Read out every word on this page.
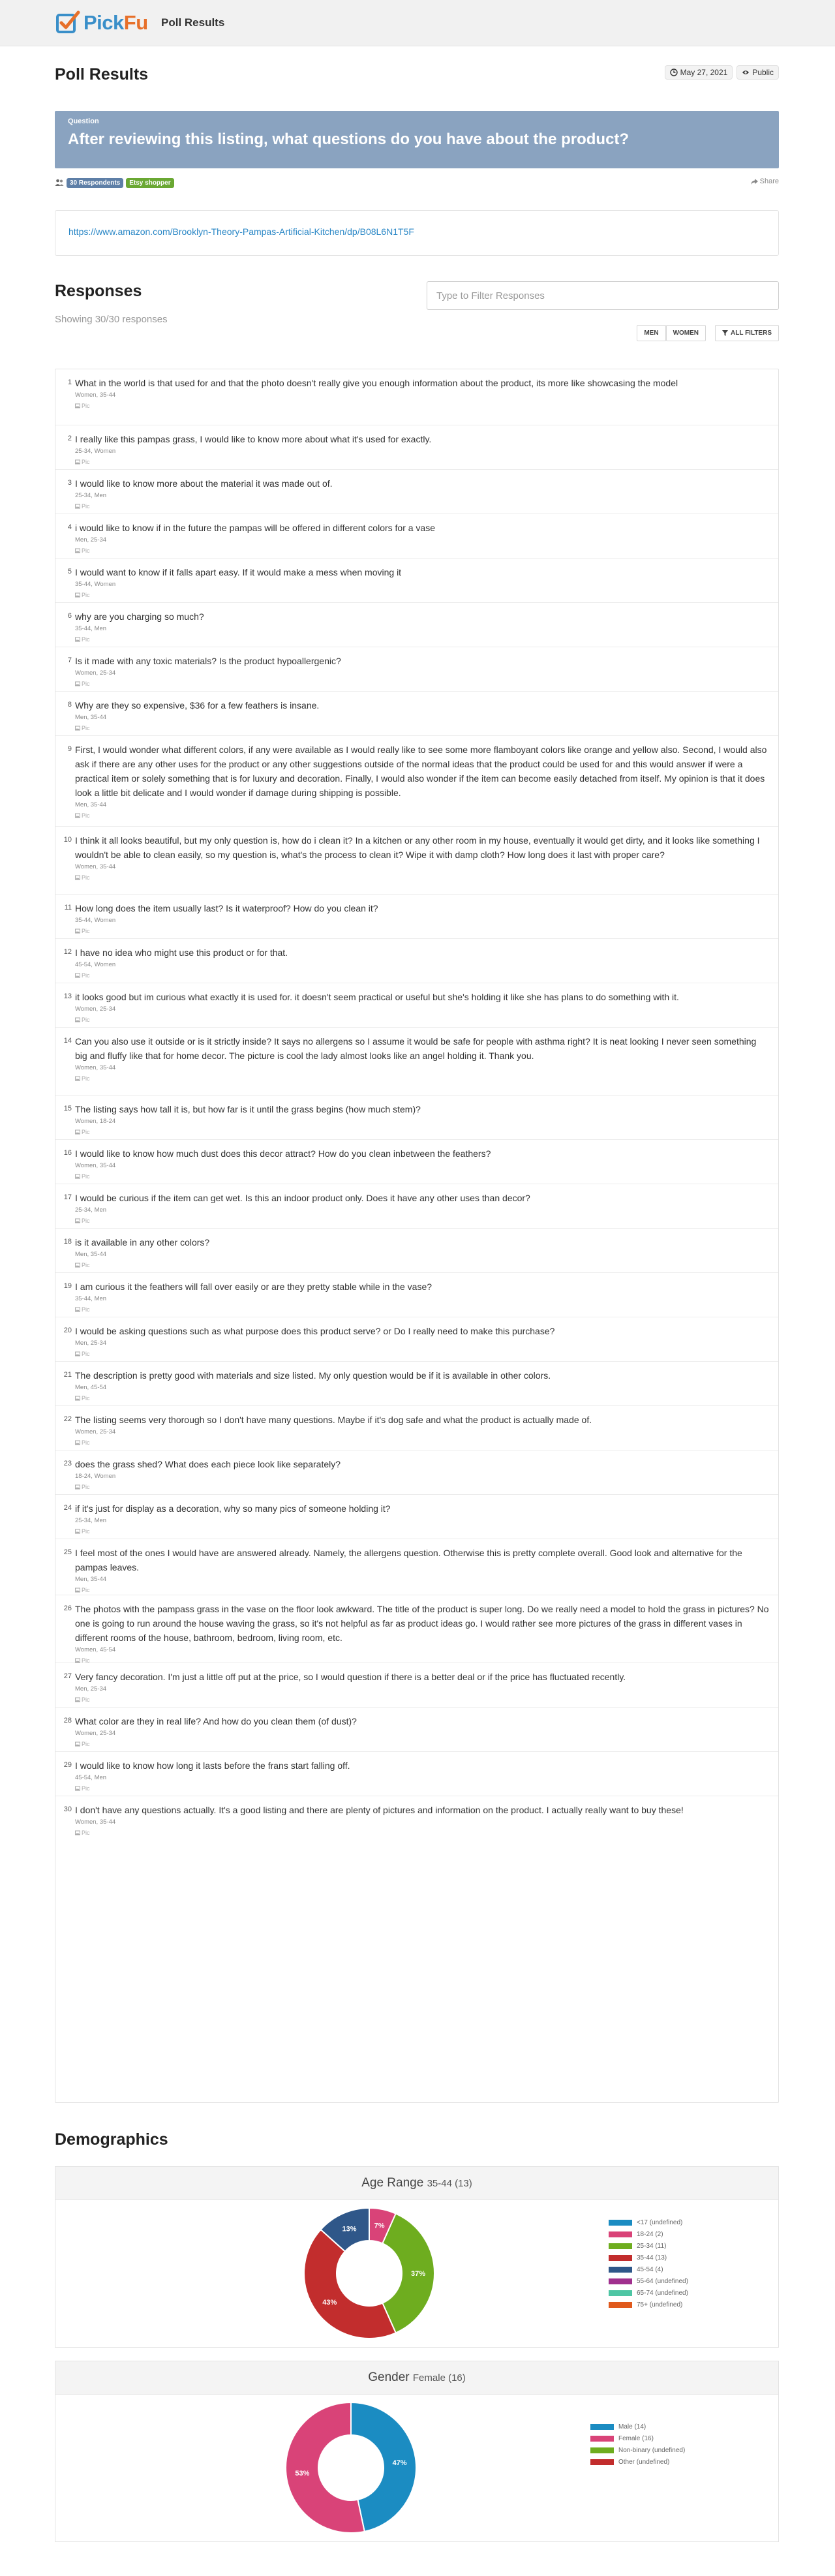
PickFu Poll Results
Poll Results	May 27, 2021	Public
Question
After reviewing this listing, what questions do you have about the product?
30 Respondents	Etsy shopper	Share
https://www.amazon.com/Brooklyn-Theory-Pampas-Artificial-Kitchen/dp/B08L6N1T5F
Responses
Showing 30/30 responses
Type to Filter Responses
MEN	WOMEN	ALL FILTERS
1 What in the world is that used for and that the photo doesn't really give you enough information about the product, its more like showcasing the model
Women, 35-44
Pic
2 I really like this pampas grass, I would like to know more about what it's used for exactly.
25-34, Women
Pic
3 I would like to know more about the material it was made out of.
25-34, Men
Pic
4 i would like to know if in the future the pampas will be offered in different colors for a vase
Men, 25-34
Pic
5 I would want to know if it falls apart easy. If it would make a mess when moving it
35-44, Women
Pic
6 why are you charging so much?
35-44, Men
Pic
7 Is it made with any toxic materials? Is the product hypoallergenic?
Women, 25-34
Pic
8 Why are they so expensive, $36 for a few feathers is insane.
Men, 35-44
Pic
9 First, I would wonder what different colors, if any were available as I would really like to see some more flamboyant colors like orange and yellow also. Second, I would also ask if there are any other uses for the product or any other suggestions outside of the normal ideas that the product could be used for and this would answer if were a practical item or solely something that is for luxury and decoration. Finally, I would also wonder if the item can become easily detached from itself. My opinion is that it does look a little bit delicate and I would wonder if damage during shipping is possible.
Men, 35-44
Pic
10 I think it all looks beautiful, but my only question is, how do i clean it? In a kitchen or any other room in my house, eventually it would get dirty, and it looks like something I wouldn't be able to clean easily, so my question is, what's the process to clean it? Wipe it with damp cloth? How long does it last with proper care?
Women, 35-44
Pic
11 How long does the item usually last? Is it waterproof? How do you clean it?
35-44, Women
Pic
12 I have no idea who might use this product or for that.
45-54, Women
Pic
13 it looks good but im curious what exactly it is used for. it doesn't seem practical or useful but she's holding it like she has plans to do something with it.
Women, 25-34
Pic
14 Can you also use it outside or is it strictly inside? It says no allergens so I assume it would be safe for people with asthma right? It is neat looking I never seen something big and fluffy like that for home decor. The picture is cool the lady almost looks like an angel holding it. Thank you.
Women, 35-44
Pic
15 The listing says how tall it is, but how far is it until the grass begins (how much stem)?
Women, 18-24
Pic
16 I would like to know how much dust does this decor attract? How do you clean inbetween the feathers?
Women, 35-44
Pic
17 I would be curious if the item can get wet. Is this an indoor product only. Does it have any other uses than decor?
25-34, Men
Pic
18 is it available in any other colors?
Men, 35-44
Pic
19 I am curious it the feathers will fall over easily or are they pretty stable while in the vase?
35-44, Men
Pic
20 I would be asking questions such as what purpose does this product serve? or Do I really need to make this purchase?
Men, 25-34
Pic
21 The description is pretty good with materials and size listed. My only question would be if it is available in other colors.
Men, 45-54
Pic
22 The listing seems very thorough so I don't have many questions. Maybe if it's dog safe and what the product is actually made of.
Women, 25-34
Pic
23 does the grass shed? What does each piece look like separately?
18-24, Women
Pic
24 if it's just for display as a decoration, why so many pics of someone holding it?
25-34, Men
Pic
25 I feel most of the ones I would have are answered already. Namely, the allergens question. Otherwise this is pretty complete overall. Good look and alternative for the pampas leaves.
Men, 35-44
Pic
26 The photos with the pampass grass in the vase on the floor look awkward. The title of the product is super long. Do we really need a model to hold the grass in pictures? No one is going to run around the house waving the grass, so it's not helpful as far as product ideas go. I would rather see more pictures of the grass in different vases in different rooms of the house, bathroom, bedroom, living room, etc.
Women, 45-54
Pic
27 Very fancy decoration. I'm just a little off put at the price, so I would question if there is a better deal or if the price has fluctuated recently.
Men, 25-34
Pic
28 What color are they in real life? And how do you clean them (of dust)?
Women, 25-34
Pic
29 I would like to know how long it lasts before the frans start falling off.
45-54, Men
Pic
30 I don't have any questions actually. It's a good listing and there are plenty of pictures and information on the product. I actually really want to buy these!
Women, 35-44
Pic
Demographics
Age Range 35-44 (13)
7%
37%
43%
13%
<17 (undefined)
18-24 (2)
25-34 (11)
35-44 (13)
45-54 (4)
55-64 (undefined)
65-74 (undefined)
75+ (undefined)
Gender Female (16)
47%
53%
Male (14)
Female (16)
Non-binary (undefined)
Other (undefined)
